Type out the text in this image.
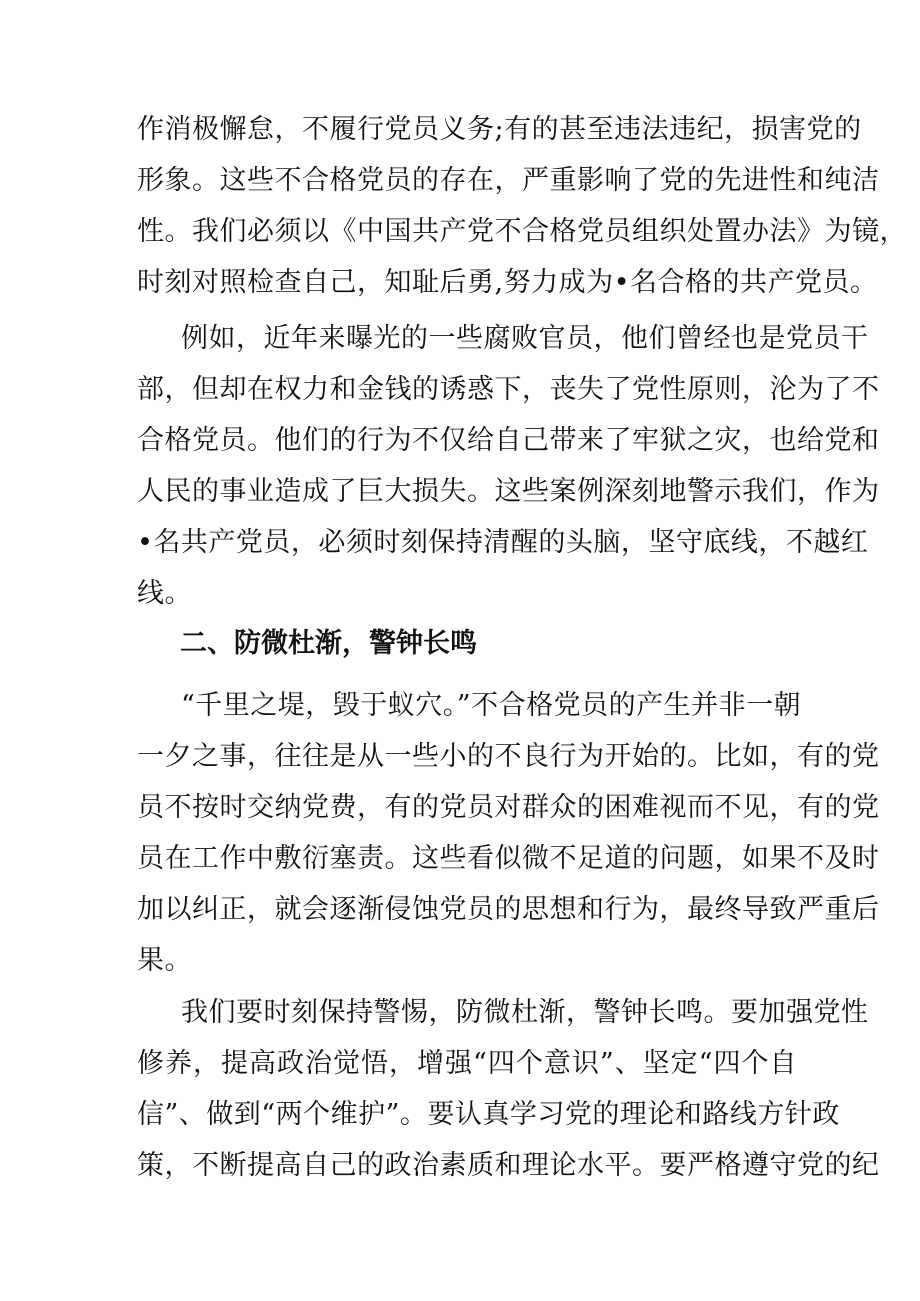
作消极懈怠，不履行党员义务;有的甚至违法违纪，损害党的
形象。这些不合格党员的存在，严重影响了党的先进性和纯洁
性。我们必须以《中国共产党不合格党员组织处置办法》为镜，
时刻对照检查自己，知耻后勇,努力成为•名合格的共产党员。
例如，近年来曝光的一些腐败官员，他们曾经也是党员干
部，但却在权力和金钱的诱惑下，丧失了党性原则，沦为了不
合格党员。他们的行为不仅给自己带来了牢狱之灾，也给党和
人民的事业造成了巨大损失。这些案例深刻地警示我们，作为
•名共产党员，必须时刻保持清醒的头脑，坚守底线，不越红
线。
二、防微杜渐，警钟长鸣
“千里之堤，毁于蚁穴。”不合格党员的产生并非一朝
一夕之事，往往是从一些小的不良行为开始的。比如，有的党
员不按时交纳党费，有的党员对群众的困难视而不见，有的党
员在工作中敷衍塞责。这些看似微不足道的问题，如果不及时
加以纠正，就会逐渐侵蚀党员的思想和行为，最终导致严重后
果。
我们要时刻保持警惕，防微杜渐，警钟长鸣。要加强党性
修养，提高政治觉悟，增强“四个意识”、坚定“四个自
信”、做到“两个维护”。要认真学习党的理论和路线方针政
策，不断提高自己的政治素质和理论水平。要严格遵守党的纪
